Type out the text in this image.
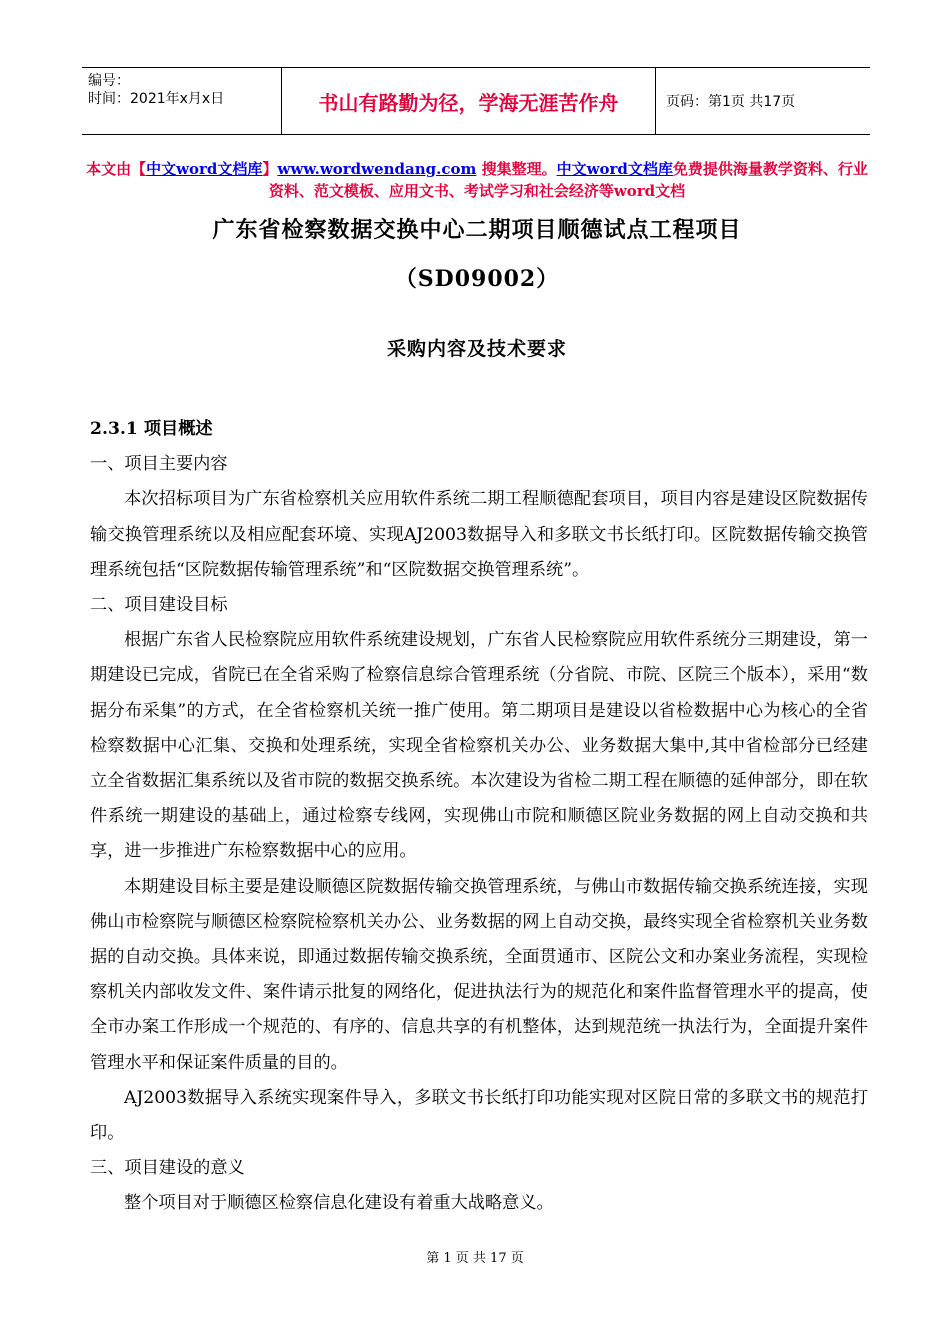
编号：
时间：2021年x月x日	书山有路勤为径，学海无涯苦作舟	页码：第1页 共17页
本文由【中文word文档库】www.wordwendang.com 搜集整理。中文word文档库免费提供海量教学资料、行业资料、范文模板、应用文书、考试学习和社会经济等word文档
广东省检察数据交换中心二期项目顺德试点工程项目
（SD09002）
采购内容及技术要求

2.3.1 项目概述

一、项目主要内容

本次招标项目为广东省检察机关应用软件系统二期工程顺德配套项目，项目内容是建设区院数据传输交换管理系统以及相应配套环境、实现AJ2003数据导入和多联文书长纸打印。区院数据传输交换管理系统包括“区院数据传输管理系统”和“区院数据交换管理系统”。

二、项目建设目标

根据广东省人民检察院应用软件系统建设规划，广东省人民检察院应用软件系统分三期建设，第一期建设已完成，省院已在全省采购了检察信息综合管理系统（分省院、市院、区院三个版本），采用“数据分布采集”的方式，在全省检察机关统一推广使用。第二期项目是建设以省检数据中心为核心的全省检察数据中心汇集、交换和处理系统，实现全省检察机关办公、业务数据大集中,其中省检部分已经建立全省数据汇集系统以及省市院的数据交换系统。本次建设为省检二期工程在顺德的延伸部分，即在软件系统一期建设的基础上，通过检察专线网，实现佛山市院和顺德区院业务数据的网上自动交换和共享，进一步推进广东检察数据中心的应用。

本期建设目标主要是建设顺德区院数据传输交换管理系统，与佛山市数据传输交换系统连接，实现佛山市检察院与顺德区检察院检察机关办公、业务数据的网上自动交换，最终实现全省检察机关业务数据的自动交换。具体来说，即通过数据传输交换系统，全面贯通市、区院公文和办案业务流程，实现检察机关内部收发文件、案件请示批复的网络化，促进执法行为的规范化和案件监督管理水平的提高，使全市办案工作形成一个规范的、有序的、信息共享的有机整体，达到规范统一执法行为，全面提升案件管理水平和保证案件质量的目的。

AJ2003数据导入系统实现案件导入，多联文书长纸打印功能实现对区院日常的多联文书的规范打印。

三、项目建设的意义

整个项目对于顺德区检察信息化建设有着重大战略意义。

第 1 页 共 17 页
